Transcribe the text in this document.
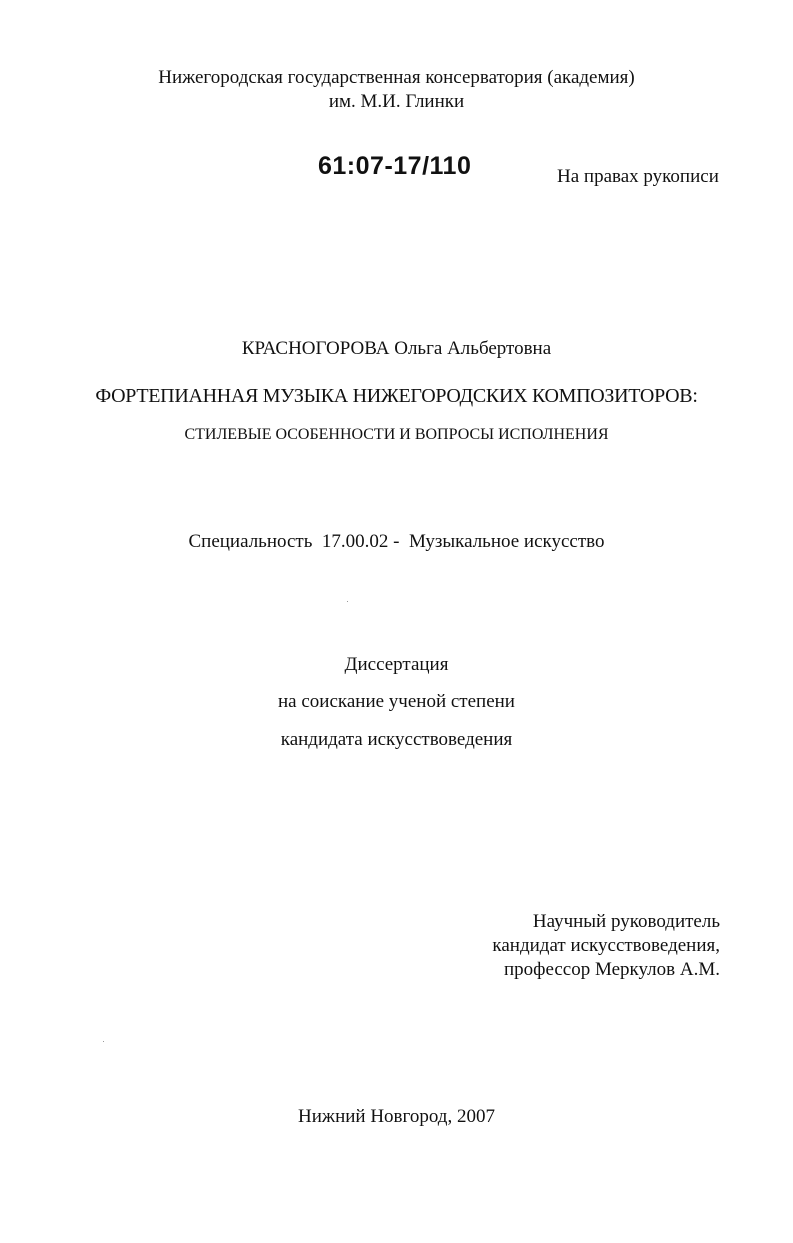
Нижегородская государственная консерватория (академия)
им. М.И. Глинки
61:07-17/110	На правах рукописи
КРАСНОГОРОВА Ольга Альбертовна
ФОРТЕПИАННАЯ МУЗЫКА НИЖЕГОРОДСКИХ КОМПОЗИТОРОВ:
СТИЛЕВЫЕ ОСОБЕННОСТИ И ВОПРОСЫ ИСПОЛНЕНИЯ
Специальность  17.00.02 -  Музыкальное искусство
Диссертация
на соискание ученой степени
кандидата искусствоведения
Научный руководитель
кандидат искусствоведения,
профессор Меркулов А.М.
Нижний Новгород, 2007
